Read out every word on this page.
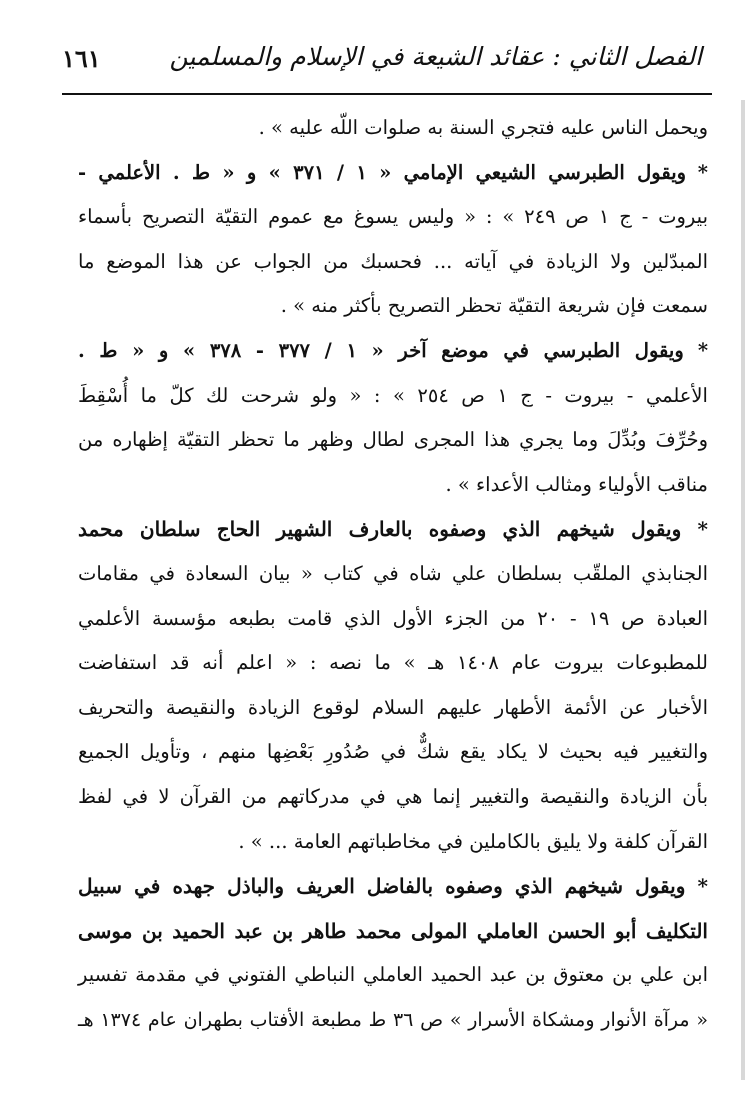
الفصل الثاني : عقائد الشيعة في الإسلام والمسلمين
١٦١
ويحمل الناس عليه فتجري السنة به صلوات اللّه عليه » .
* ويقول الطبرسي الشيعي الإمامي « ١ / ٣٧١ » و « ط . الأعلمي -
بيروت - ج ١ ص ٢٤٩ » : « وليس يسوغ مع عموم التقيّة التصريح بأسماء
المبدّلين ولا الزيادة في آياته ... فحسبك من الجواب عن هذا الموضع ما
سمعت فإن شريعة التقيّة تحظر التصريح بأكثر منه » .
* ويقول الطبرسي في موضع آخر « ١ / ٣٧٧ - ٣٧٨ » و « ط .
الأعلمي - بيروت - ج ١ ص ٢٥٤ » : « ولو شرحت لك كلّ ما أُسْقِطَ
وحُرِّفَ وبُدِّلَ وما يجري هذا المجرى لطال وظهر ما تحظر التقيّة إظهاره من
مناقب الأولياء ومثالب الأعداء » .
* ويقول شيخهم الذي وصفوه بالعارف الشهير الحاج سلطان محمد
الجنابذي الملقّب بسلطان علي شاه في كتاب « بيان السعادة في مقامات
العبادة ص ١٩ - ٢٠ من الجزء الأول الذي قامت بطبعه مؤسسة الأعلمي
للمطبوعات بيروت عام ١٤٠٨ هـ » ما نصه : « اعلم أنه قد استفاضت
الأخبار عن الأئمة الأطهار عليهم السلام لوقوع الزيادة والنقيصة والتحريف
والتغيير فيه بحيث لا يكاد يقع شكٌّ في صُدُورِ بَعْضِها منهم ، وتأويل الجميع
بأن الزيادة والنقيصة والتغيير إنما هي في مدركاتهم من القرآن لا في لفظ
القرآن كلفة ولا يليق بالكاملين في مخاطباتهم العامة ... » .
* ويقول شيخهم الذي وصفوه بالفاضل العريف والباذل جهده في سبيل
التكليف أبو الحسن العاملي المولى محمد طاهر بن عبد الحميد بن موسى
ابن علي بن معتوق بن عبد الحميد العاملي النباطي الفتوني في مقدمة تفسير
« مرآة الأنوار ومشكاة الأسرار » ص ٣٦ ط مطبعة الأفتاب بطهران عام ١٣٧٤ هـ
